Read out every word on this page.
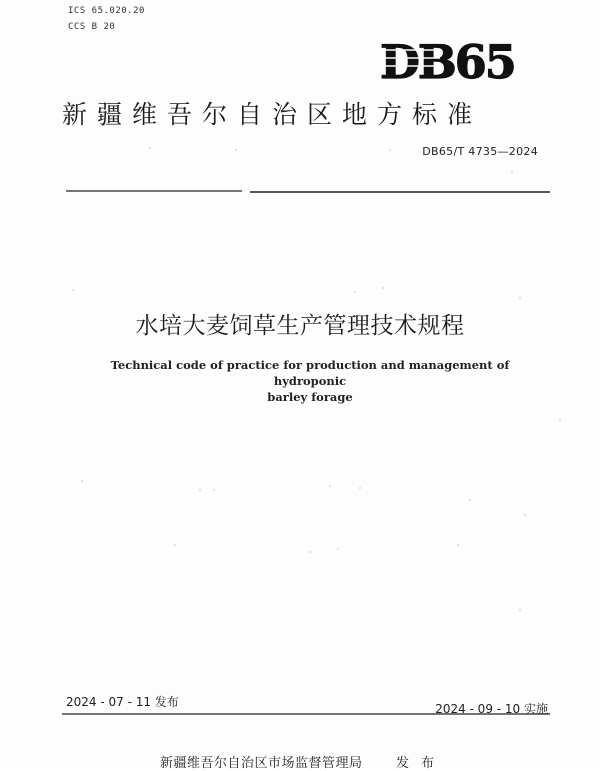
ICS 65.020.20
CCS B 20
DB65
新疆维吾尔自治区地方标准
DB65/T 4735—2024
水培大麦饲草生产管理技术规程
Technical code of practice for production and management of hydroponic
barley forage
2024 - 07 - 11 发布	2024 - 09 - 10 实施
新疆维吾尔自治区市场监督管理局	发布
